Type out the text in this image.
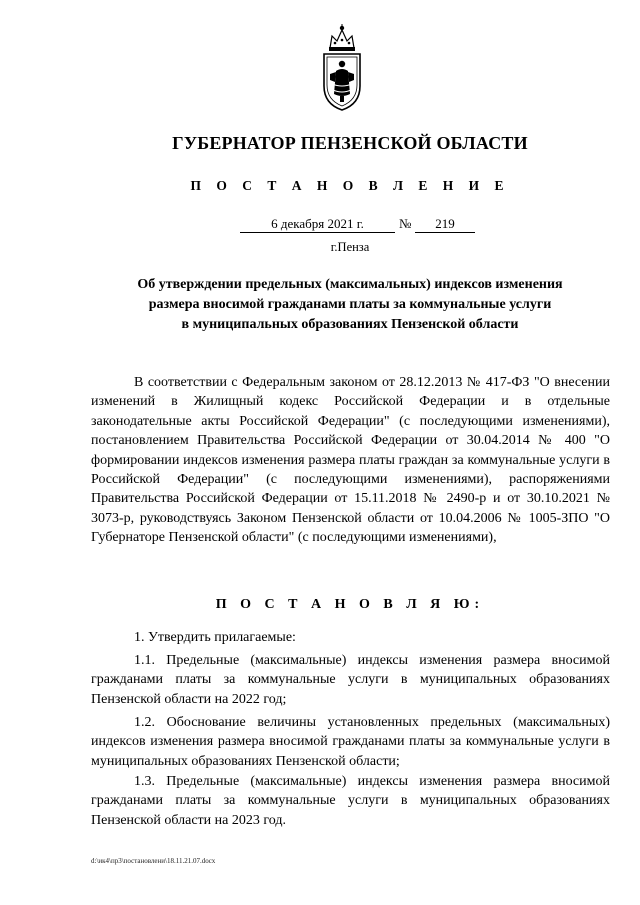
ГУБЕРНАТОР ПЕНЗЕНСКОЙ ОБЛАСТИ
П О С Т А Н О В Л Е Н И Е
6 декабря 2021 г.	№	219
г.Пенза
Об утверждении предельных (максимальных) индексов изменения
размера вносимой гражданами платы за коммунальные услуги
в муниципальных образованиях Пензенской области

В соответствии с Федеральным законом от 28.12.2013 № 417-ФЗ "О внесении изменений в Жилищный кодекс Российской Федерации и в отдельные законодательные акты Российской Федерации" (с последующими изменениями), постановлением Правительства Российской Федерации от 30.04.2014 № 400 "О формировании индексов изменения размера платы граждан за коммунальные услуги в Российской Федерации" (с последующими изменениями), распоряжениями Правительства Российской Федерации от 15.11.2018 № 2490-р и от 30.10.2021 № 3073-р, руководствуясь Законом Пензенской области от 10.04.2006 № 1005-ЗПО "О Губернаторе Пензенской области" (с последующими изменениями),

П О С Т А Н О В Л Я Ю:

1. Утвердить прилагаемые:

1.1. Предельные (максимальные) индексы изменения размера вносимой гражданами платы за коммунальные услуги в муниципальных образованиях Пензенской области на 2022 год;

1.2. Обоснование величины установленных предельных (максимальных) индексов изменения размера вносимой гражданами платы за коммунальные услуги в муниципальных образованиях Пензенской области;

1.3. Предельные (максимальные) индексы изменения размера вносимой гражданами платы за коммунальные услуги в муниципальных образованиях Пензенской области на 2023 год.

d:\ик4\пр3\постановлени\18.11.21.07.docx
